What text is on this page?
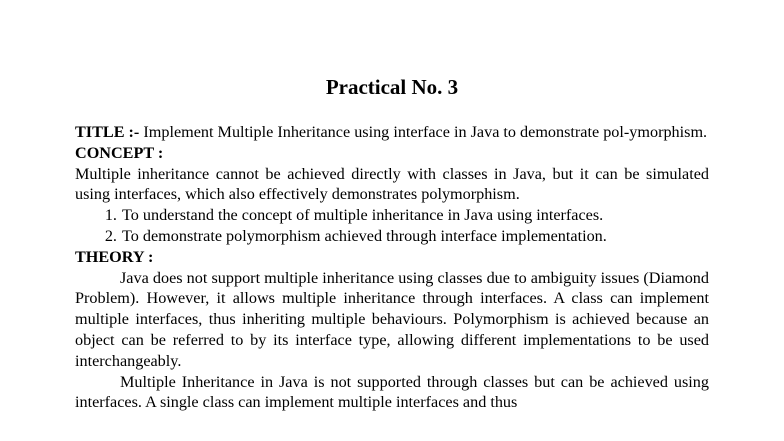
Practical No. 3

TITLE :- Implement Multiple Inheritance using interface in Java to demonstrate pol-ymorphism.

CONCEPT :

Multiple inheritance cannot be achieved directly with classes in Java, but it can be simulated using interfaces, which also effectively demonstrates polymorphism.

1. To understand the concept of multiple inheritance in Java using interfaces.
2. To demonstrate polymorphism achieved through interface implementation.

THEORY :

Java does not support multiple inheritance using classes due to ambiguity issues (Diamond Problem). However, it allows multiple inheritance through interfaces. A class can implement multiple interfaces, thus inheriting multiple behaviours. Polymorphism is achieved because an object can be referred to by its interface type, allowing different implementations to be used interchangeably.

Multiple Inheritance in Java is not supported through classes but can be achieved using interfaces. A single class can implement multiple interfaces and thus
